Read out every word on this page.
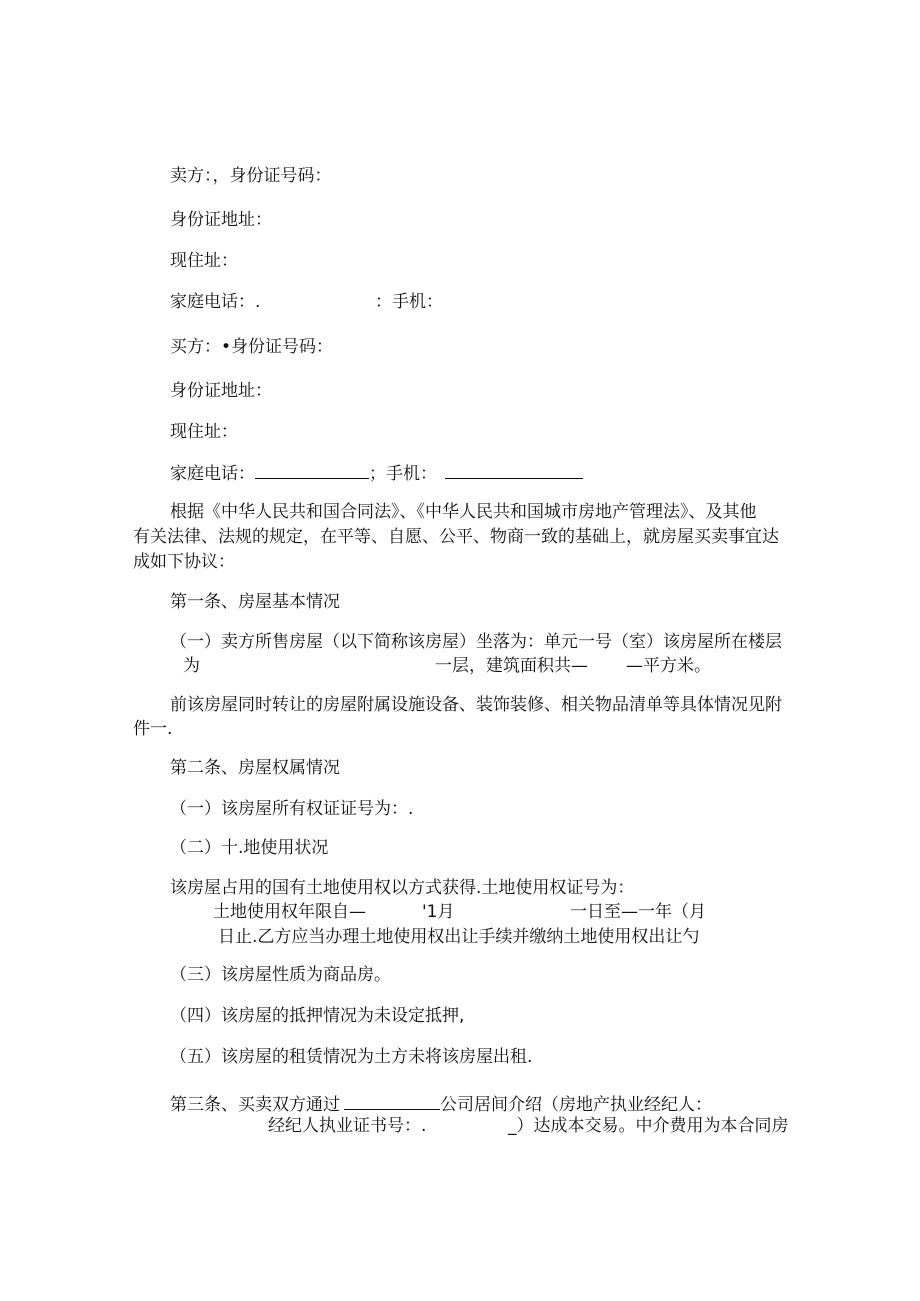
卖方：，身份证号码：
身份证地址：
现住址：
家庭电话：.	：手机：
买方：•身份证号码：
身份证地址：
现住址：
家庭电话：	；手机：
根据《中华人民共和国合同法》、《中华人民共和国城市房地产管理法》、及其他
有关法律、法规的规定，在平等、自愿、公平、物商一致的基础上，就房屋买卖事宜达
成如下协议：
第一条、房屋基本情况
（一）卖方所售房屋（以下简称该房屋）坐落为：单元一号（室）该房屋所在楼层
为	一层，建筑面积共— —平方米。
前该房屋同时转让的房屋附属设施设备、装饰装修、相关物品清单等具体情况见附
件一.
第二条、房屋权属情况
（一）该房屋所有权证证号为：.
（二）十.地使用状况
该房屋占用的国有土地使用权以方式获得.土地使用权证号为：
土地使用权年限自—	'1月	一日至—一年（月
日止.乙方应当办理土地使用权出让手续并缴纳土地使用权出让勺
（三）该房屋性质为商品房。
（四）该房屋的抵押情况为未设定抵押,
（五）该房屋的租赁情况为土方未将该房屋出租.
第三条、买卖双方通过	公司居间介绍（房地产执业经纪人：
经纪人执业证书号：.	_）达成本交易。中介费用为本合同房
